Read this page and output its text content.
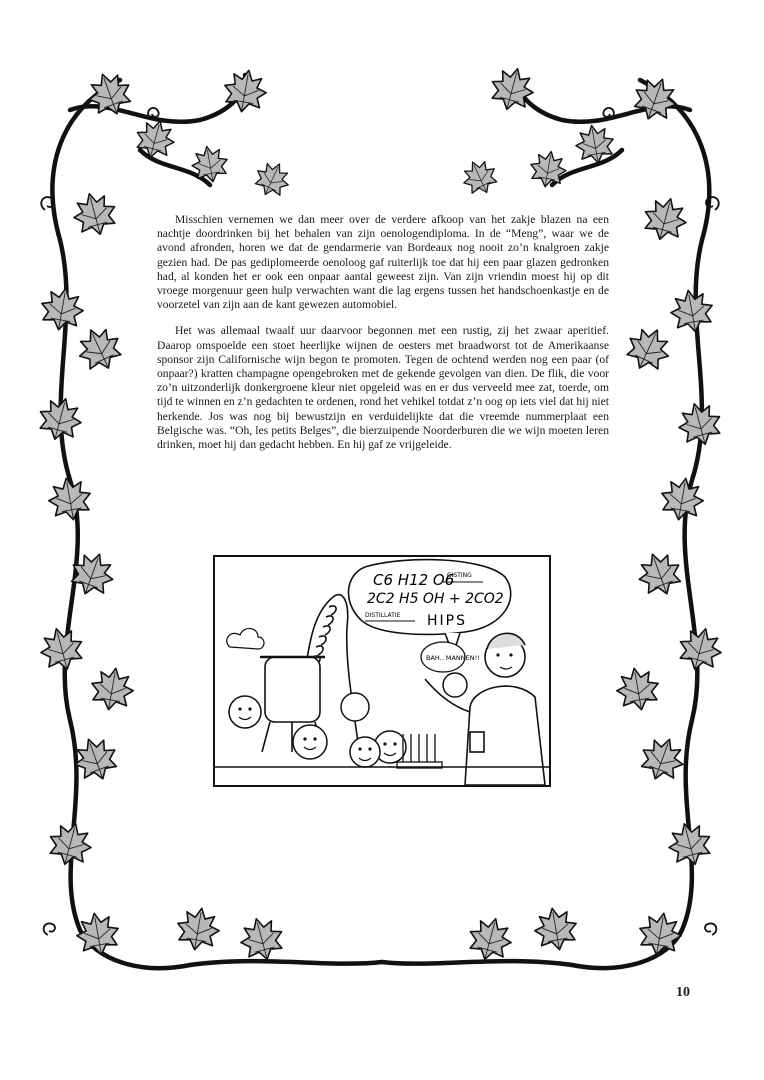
Misschien vernemen we dan meer over de verdere afkoop van het zakje blazen na een nachtje doordrinken bij het behalen van zijn oenologendiploma. In de “Meng”, waar we de avond afronden, horen we dat de gendarmerie van Bordeaux nog nooit zo’n knalgroen zakje gezien had. De pas gediplomeerde oenoloog gaf ruiterlijk toe dat hij een paar glazen gedronken had, al konden het er ook een onpaar aantal geweest zijn. Van zijn vriendin moest hij op dit vroege morgenuur geen hulp verwachten want die lag ergens tussen het handschoenkastje en de voorzetel van zijn aan de kant gewezen automobiel.

Het was allemaal twaalf uur daarvoor begonnen met een rustig, zij het zwaar aperitief. Daarop omspoelde een stoet heerlijke wijnen de oesters met braadworst tot de Amerikaanse sponsor zijn Californische wijn begon te promoten. Tegen de ochtend werden nog een paar (of onpaar?) kratten champagne opengebroken met de gekende gevolgen van dien. De flik, die voor zo’n uitzonderlijk donkergroene kleur niet opgeleid was en er dus verveeld mee zat, toerde, om tijd te winnen en z’n gedachten te ordenen, rond het vehikel totdat z’n oog op iets viel dat hij niet herkende. Jos was nog bij bewustzijn en verduidelijkte dat die vreemde nummerplaat een Belgische was. “Oh, les petits Belges”, die bierzuipende Noorderburen die we wijn moeten leren drinken, moet hij dan gedacht hebben. En hij gaf ze vrijgeleide.

C6 H12 O6
GISTING
2C2 H5 OH + 2CO2
DISTILLATIE HIPS
BAH.. MANNEN!!
10
